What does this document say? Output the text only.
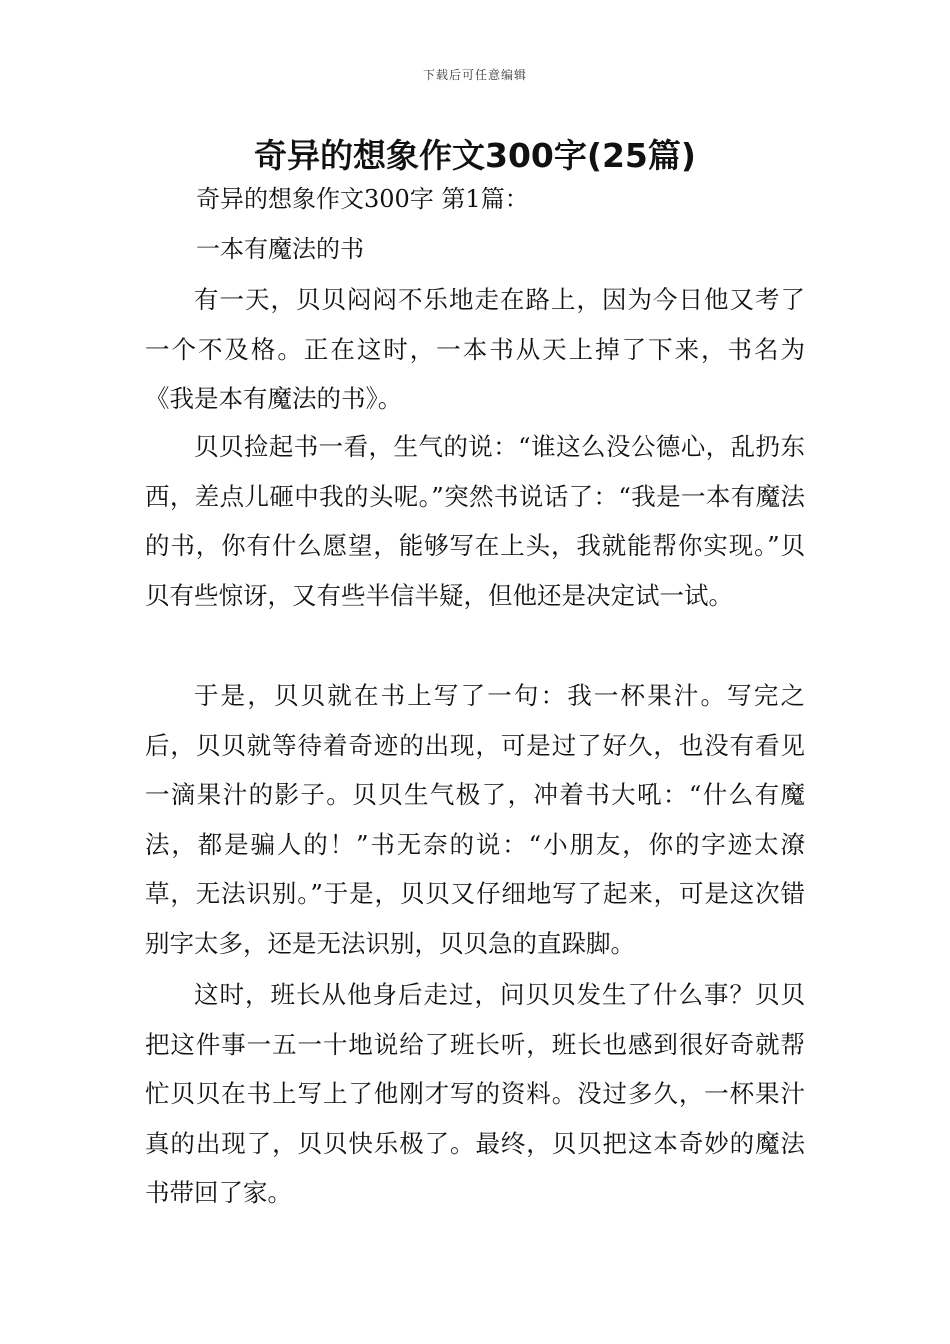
下载后可任意编辑
奇异的想象作文300字(25篇)
奇异的想象作文300字 第1篇：
一本有魔法的书

有一天，贝贝闷闷不乐地走在路上，因为今日他又考了一个不及格。正在这时，一本书从天上掉了下来，书名为《我是本有魔法的书》。

贝贝捡起书一看，生气的说：“谁这么没公德心，乱扔东西，差点儿砸中我的头呢。”突然书说话了：“我是一本有魔法的书，你有什么愿望，能够写在上头，我就能帮你实现。”贝贝有些惊讶，又有些半信半疑，但他还是决定试一试。

于是，贝贝就在书上写了一句：我一杯果汁。写完之后，贝贝就等待着奇迹的出现，可是过了好久，也没有看见一滴果汁的影子。贝贝生气极了，冲着书大吼：“什么有魔法，都是骗人的！”书无奈的说：“小朋友，你的字迹太潦草，无法识别。”于是，贝贝又仔细地写了起来，可是这次错别字太多，还是无法识别，贝贝急的直跺脚。

这时，班长从他身后走过，问贝贝发生了什么事？贝贝把这件事一五一十地说给了班长听，班长也感到很好奇就帮忙贝贝在书上写上了他刚才写的资料。没过多久，一杯果汁真的出现了，贝贝快乐极了。最终，贝贝把这本奇妙的魔法书带回了家。
